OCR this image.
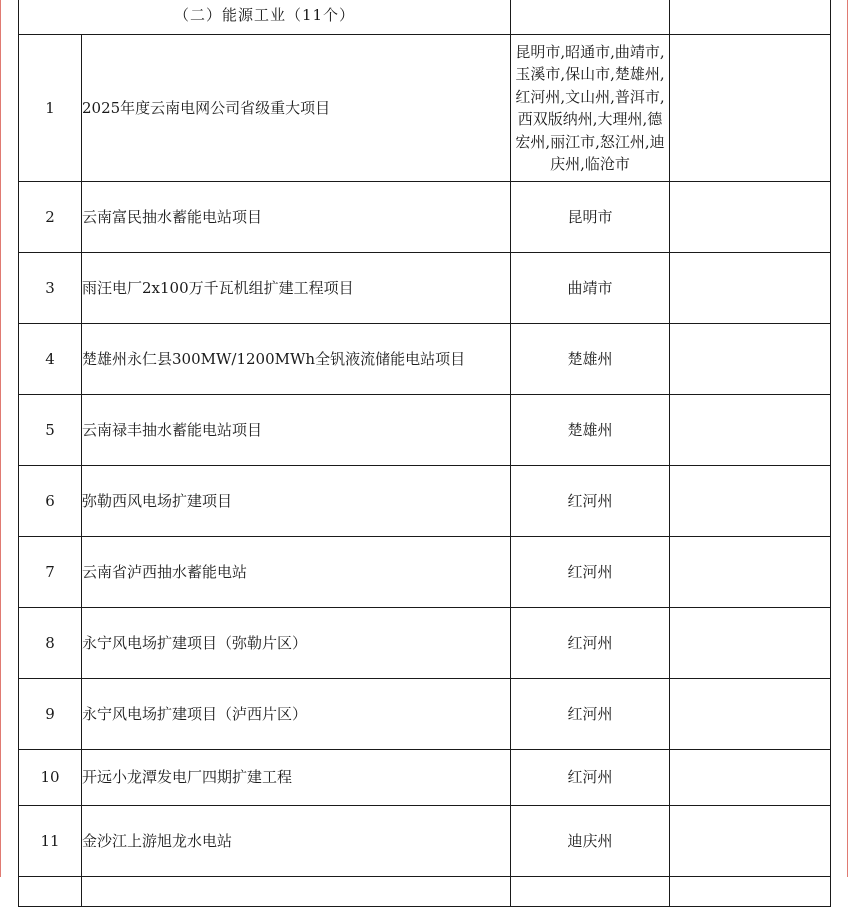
（二）能源工业（11个）			
1	2025年度云南电网公司省级重大项目	昆明市,昭通市,曲靖市,玉溪市,保山市,楚雄州,红河州,文山州,普洱市,西双版纳州,大理州,德宏州,丽江市,怒江州,迪庆州,临沧市	
2	云南富民抽水蓄能电站项目	昆明市	
3	雨汪电厂2x100万千瓦机组扩建工程项目	曲靖市	
4	楚雄州永仁县300MW/1200MWh全钒液流储能电站项目	楚雄州	
5	云南禄丰抽水蓄能电站项目	楚雄州	
6	弥勒西风电场扩建项目	红河州	
7	云南省泸西抽水蓄能电站	红河州	
8	永宁风电场扩建项目（弥勒片区）	红河州	
9	永宁风电场扩建项目（泸西片区）	红河州	
10	开远小龙潭发电厂四期扩建工程	红河州	
11	金沙江上游旭龙水电站	迪庆州	
